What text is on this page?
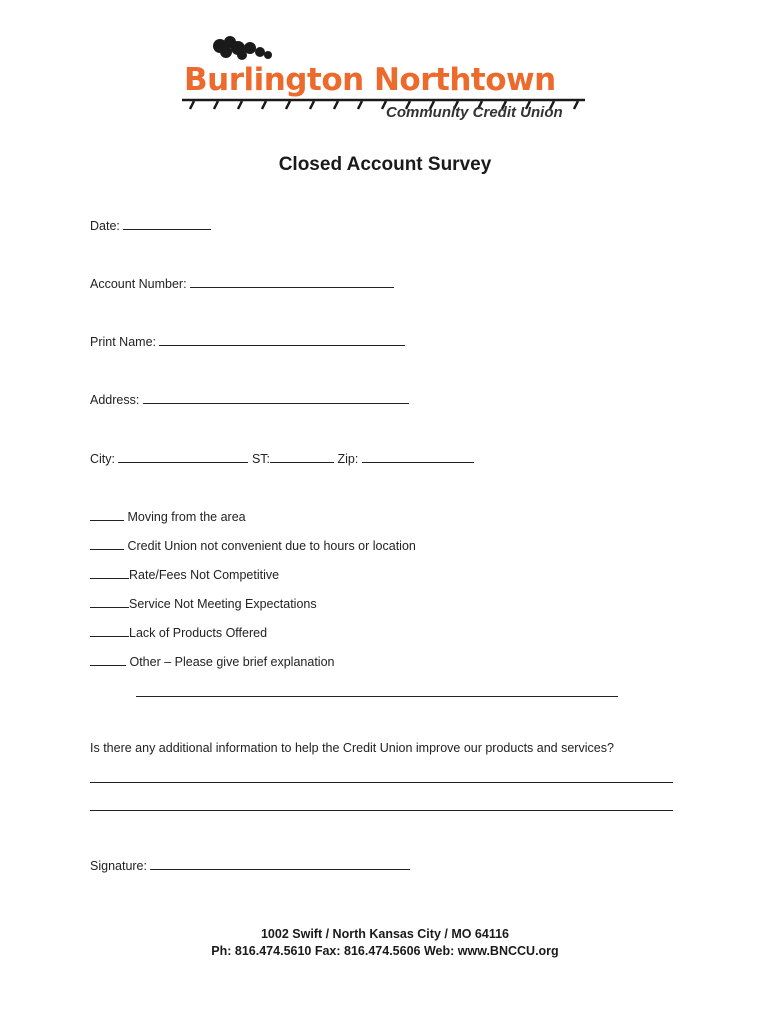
Burlington Northtown
Community Credit Union
Closed Account Survey
Date:
Account Number:
Print Name:
Address:
City:	ST:	Zip:
Moving from the area
Credit Union not convenient due to hours or location
Rate/Fees Not Competitive
Service Not Meeting Expectations
Lack of Products Offered
Other – Please give brief explanation
Is there any additional information to help the Credit Union improve our products and services?
Signature:
1002 Swift / North Kansas City / MO 64116
Ph: 816.474.5610 Fax: 816.474.5606 Web: www.BNCCU.org
